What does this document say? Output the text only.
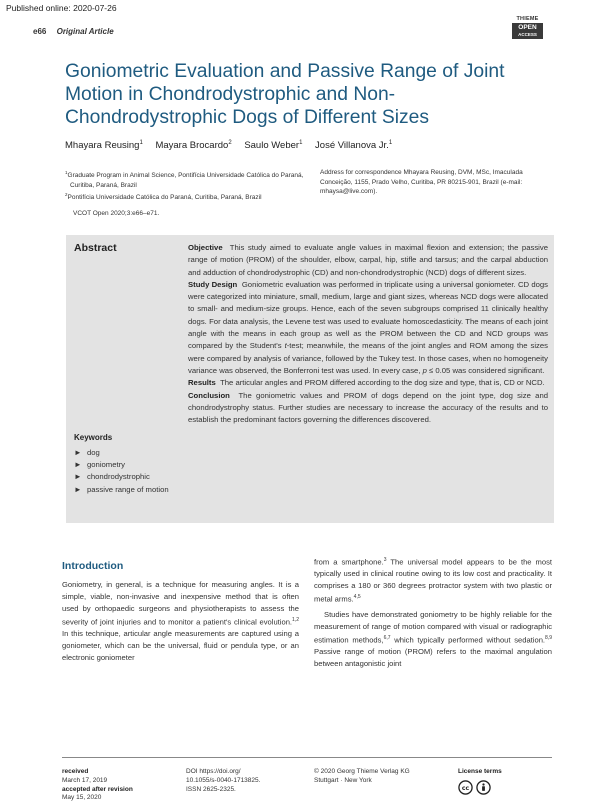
Published online: 2020-07-26
e66 Original Article
THIEME
OPEN
ACCESS
Goniometric Evaluation and Passive Range of Joint Motion in Chondrodystrophic and Non-Chondrodystrophic Dogs of Different Sizes
Mhayara Reusing$^1$ Mayara Brocardo$^2$ Saulo Weber$^1$ José Villanova Jr.$^1$
$^1$Graduate Program in Animal Science, Pontifícia Universidade Católica do Paraná, Curitiba, Paraná, Brazil
$^2$Pontifícia Universidade Católica do Paraná, Curitiba, Paraná, Brazil
Address for correspondence Mhayara Reusing, DVM, MSc, Imaculada Conceição, 1155, Prado Velho, Curitiba, PR 80215-901, Brazil (e-mail: mhaysa@live.com).
VCOT Open 2020;3:e66–e71.
Abstract	Objective This study aimed to evaluate angle values in maximal flexion and extension; the passive range of motion (PROM) of the shoulder, elbow, carpal, hip, stifle and tarsus; and the carpal abduction and adduction of chondrodystrophic (CD) and non-chondrodystrophic (NCD) dogs of different sizes.

Study Design Goniometric evaluation was performed in triplicate using a universal goniometer. CD dogs were categorized into miniature, small, medium, large and giant sizes, whereas NCD dogs were allocated to small- and medium-size groups. Hence, each of the seven subgroups comprised 11 clinically healthy dogs. For data analysis, the Levene test was used to evaluate homoscedasticity. The means of each joint angle with the means in each group as well as the PROM between the CD and NCD groups was compared by the Student's t-test; meanwhile, the means of the joint angles and ROM among the sizes were compared by analysis of variance, followed by the Tukey test. In those cases, when no homogeneity variance was observed, the Bonferroni test was used. In every case, p ≤ 0.05 was considered significant.

Results The articular angles and PROM differed according to the dog size and type, that is, CD or NCD.

Conclusion The goniometric values and PROM of dogs depend on the joint type, dog size and chondrodystrophy status. Further studies are necessary to increase the accuracy of the results and to establish the predominant factors governing the differences discovered.

Keywords
► dog
► goniometry
► chondrodystrophic
► passive range of motion
Introduction

Goniometry, in general, is a technique for measuring angles. It is a simple, viable, non-invasive and inexpensive method that is often used by orthopaedic surgeons and physiotherapists to assess the severity of joint injuries and to monitor a patient's clinical evolution.$^{1,2}$ In this technique, articular angle measurements are captured using a goniometer, which can be the universal, fluid or pendula type, or an electronic goniometer

from a smartphone.$^3$ The universal model appears to be the most typically used in clinical routine owing to its low cost and practicality. It comprises a 180 or 360 degrees protractor system with two plastic or metal arms.$^{4,5}$

Studies have demonstrated goniometry to be highly reliable for the measurement of range of motion compared with visual or radiographic estimation methods,$^{6,7}$ which typically performed without sedation.$^{8,9}$ Passive range of motion (PROM) refers to the maximal angulation between antagonistic joint

received
March 17, 2019
accepted after revision
May 15, 2020
DOI https://doi.org/
10.1055/s-0040-1713825.
ISSN 2625-2325.
© 2020 Georg Thieme Verlag KG
Stuttgart · New York
License terms
cc
